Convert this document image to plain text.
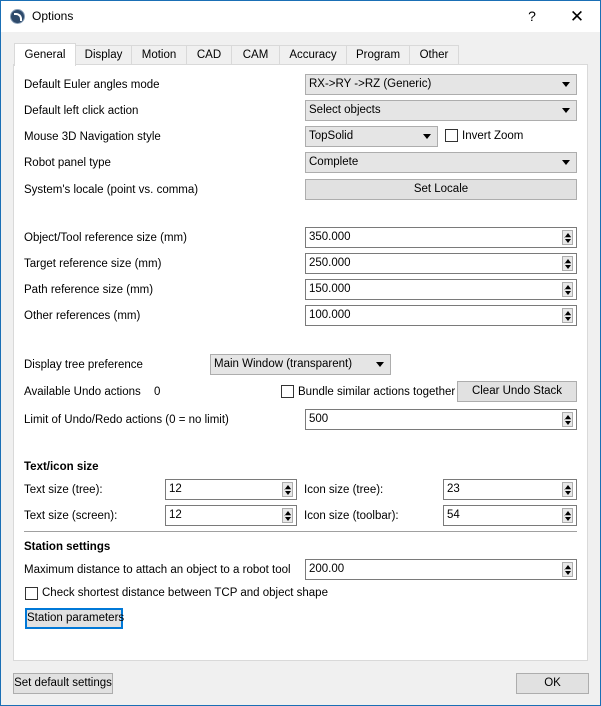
Options	?	✕
General	Display	Motion	CAD	CAM	Accuracy	Program	Other
Default Euler angles mode	RX->RY ->RZ (Generic)
Default left click action	Select objects
Mouse 3D Navigation style	TopSolid	Invert Zoom
Robot panel type	Complete
System's locale (point vs. comma)	Set Locale
Object/Tool reference size (mm)	350.000
Target reference size (mm)	250.000
Path reference size (mm)	150.000
Other references (mm)	100.000
Display tree preference	Main Window (transparent)
Available Undo actions 0	Bundle similar actions together	Clear Undo Stack
Limit of Undo/Redo actions (0 = no limit)	500
Text/icon size
Text size (tree):	12	Icon size (tree):	23
Text size (screen):	12	Icon size (toolbar):	54
Station settings
Maximum distance to attach an object to a robot tool	200.00
Check shortest distance between TCP and object shape
Station parameters
Set default settings	OK
